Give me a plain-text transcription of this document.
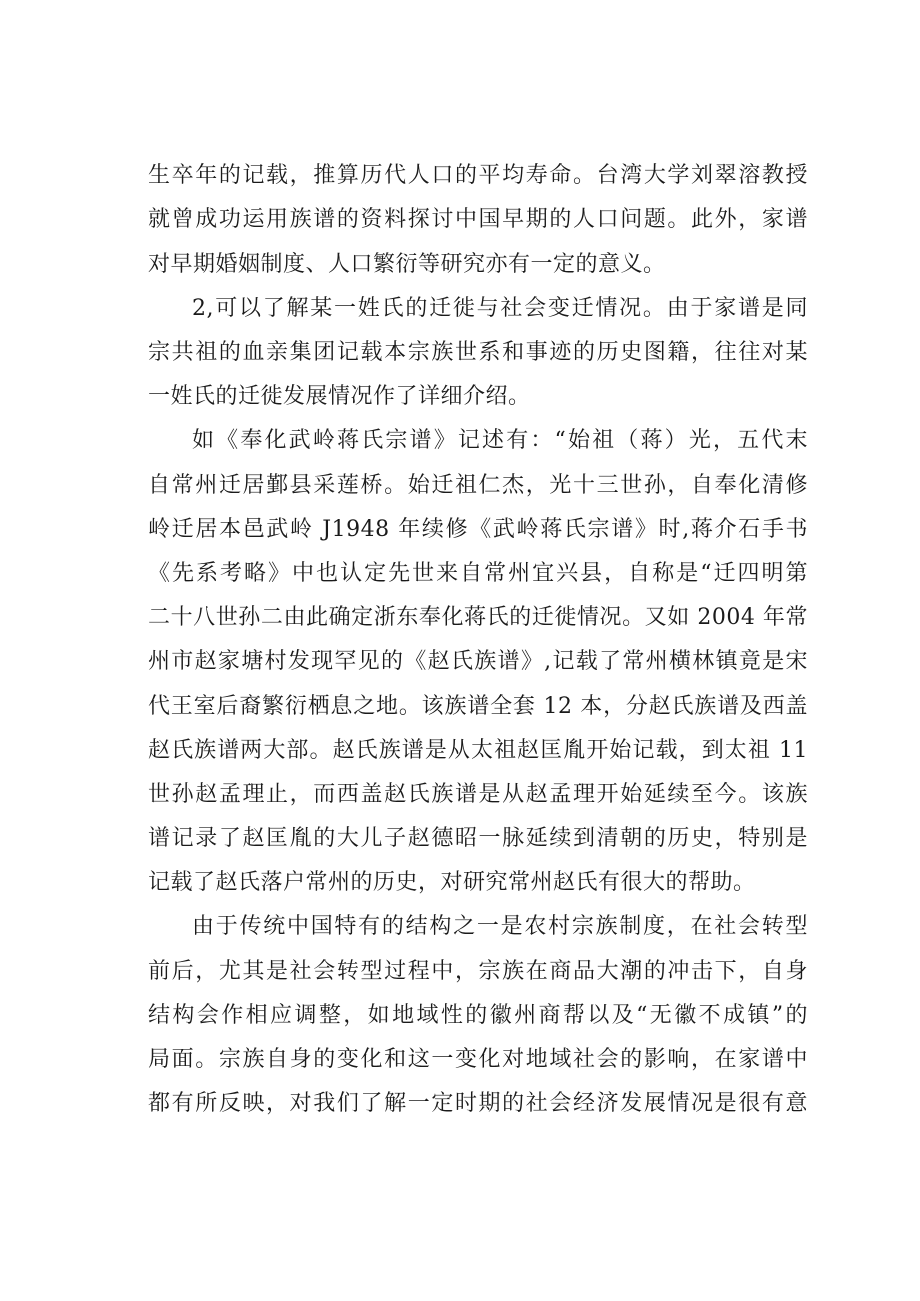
生卒年的记载，推算历代人口的平均寿命。台湾大学刘翠溶教授
就曾成功运用族谱的资料探讨中国早期的人口问题。此外，家谱
对早期婚姻制度、人口繁衍等研究亦有一定的意义。
2,可以了解某一姓氏的迁徙与社会变迁情况。由于家谱是同
宗共祖的血亲集团记载本宗族世系和事迹的历史图籍，往往对某
一姓氏的迁徙发展情况作了详细介绍。
如《奉化武岭蒋氏宗谱》记述有：“始祖（蒋）光，五代末
自常州迁居鄞县采莲桥。始迁祖仁杰，光十三世孙，自奉化清修
岭迁居本邑武岭 J1948 年续修《武岭蒋氏宗谱》时,蒋介石手书
《先系考略》中也认定先世来自常州宜兴县，自称是“迁四明第
二十八世孙二由此确定浙东奉化蒋氏的迁徙情况。又如 2004 年常
州市赵家塘村发现罕见的《赵氏族谱》,记载了常州横林镇竟是宋
代王室后裔繁衍栖息之地。该族谱全套 12 本，分赵氏族谱及西盖
赵氏族谱两大部。赵氏族谱是从太祖赵匡胤开始记载，到太祖 11
世孙赵孟理止，而西盖赵氏族谱是从赵孟理开始延续至今。该族
谱记录了赵匡胤的大儿子赵德昭一脉延续到清朝的历史，特别是
记载了赵氏落户常州的历史，对研究常州赵氏有很大的帮助。
由于传统中国特有的结构之一是农村宗族制度，在社会转型
前后，尤其是社会转型过程中，宗族在商品大潮的冲击下，自身
结构会作相应调整，如地域性的徽州商帮以及“无徽不成镇”的
局面。宗族自身的变化和这一变化对地域社会的影响，在家谱中
都有所反映，对我们了解一定时期的社会经济发展情况是很有意
